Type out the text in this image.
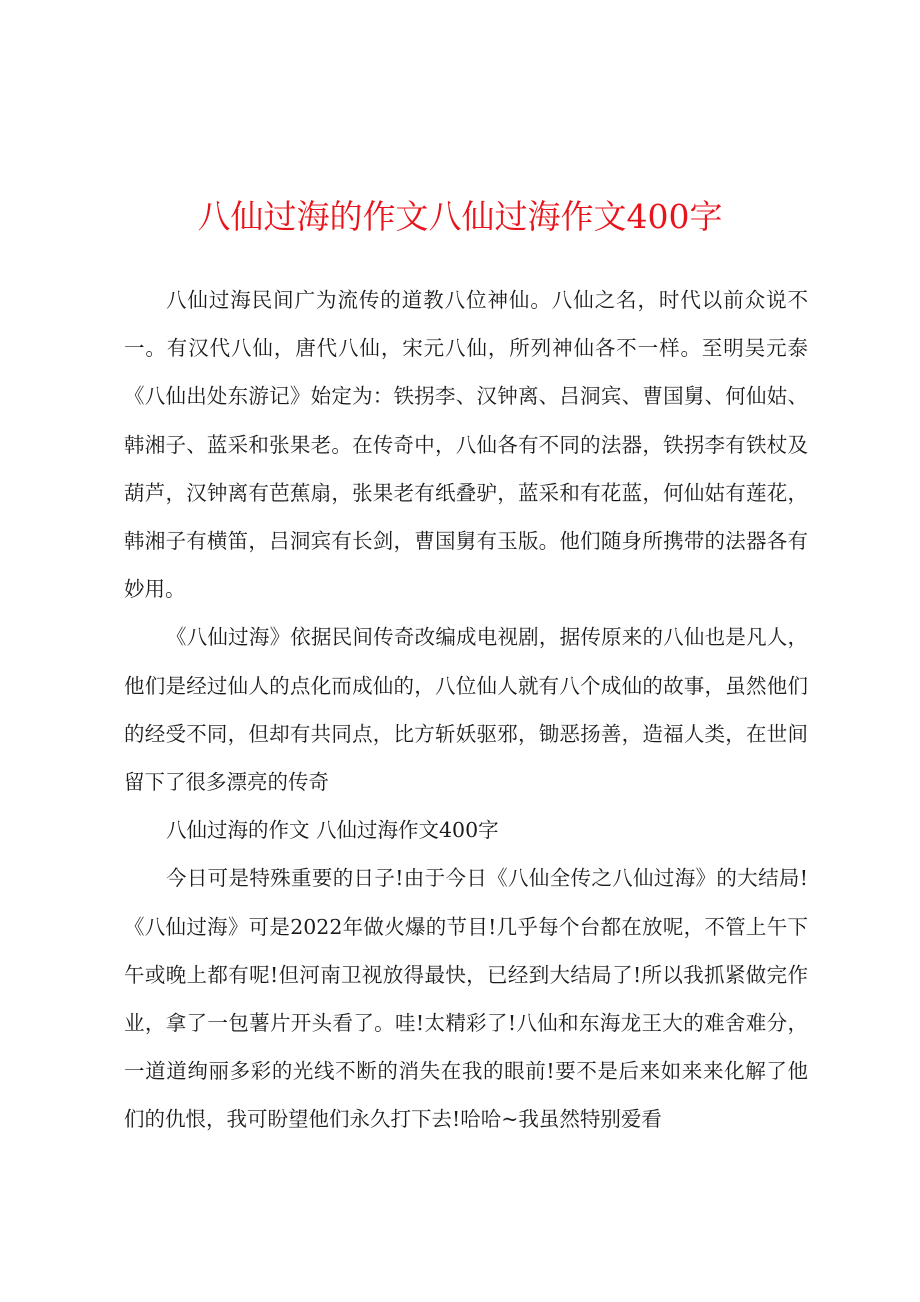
八仙过海的作文八仙过海作文400字

八仙过海民间广为流传的道教八位神仙。八仙之名，时代以前众说不一。有汉代八仙，唐代八仙，宋元八仙，所列神仙各不一样。至明吴元泰《八仙出处东游记》始定为：铁拐李、汉钟离、吕洞宾、曹国舅、何仙姑、韩湘子、蓝采和张果老。在传奇中，八仙各有不同的法器，铁拐李有铁杖及葫芦，汉钟离有芭蕉扇，张果老有纸叠驴，蓝采和有花蓝，何仙姑有莲花，韩湘子有横笛，吕洞宾有长剑，曹国舅有玉版。他们随身所携带的法器各有妙用。

《八仙过海》依据民间传奇改编成电视剧，据传原来的八仙也是凡人，他们是经过仙人的点化而成仙的，八位仙人就有八个成仙的故事，虽然他们的经受不同，但却有共同点，比方斩妖驱邪，锄恶扬善，造福人类，在世间留下了很多漂亮的传奇

八仙过海的作文 八仙过海作文400字

今日可是特殊重要的日子!由于今日《八仙全传之八仙过海》的大结局!《八仙过海》可是2022年做火爆的节目!几乎每个台都在放呢，不管上午下午或晚上都有呢!但河南卫视放得最快，已经到大结局了!所以我抓紧做完作业，拿了一包薯片开头看了。哇!太精彩了!八仙和东海龙王大的难舍难分，一道道绚丽多彩的光线不断的消失在我的眼前!要不是后来如来来化解了他们的仇恨，我可盼望他们永久打下去!哈哈~我虽然特别爱看
